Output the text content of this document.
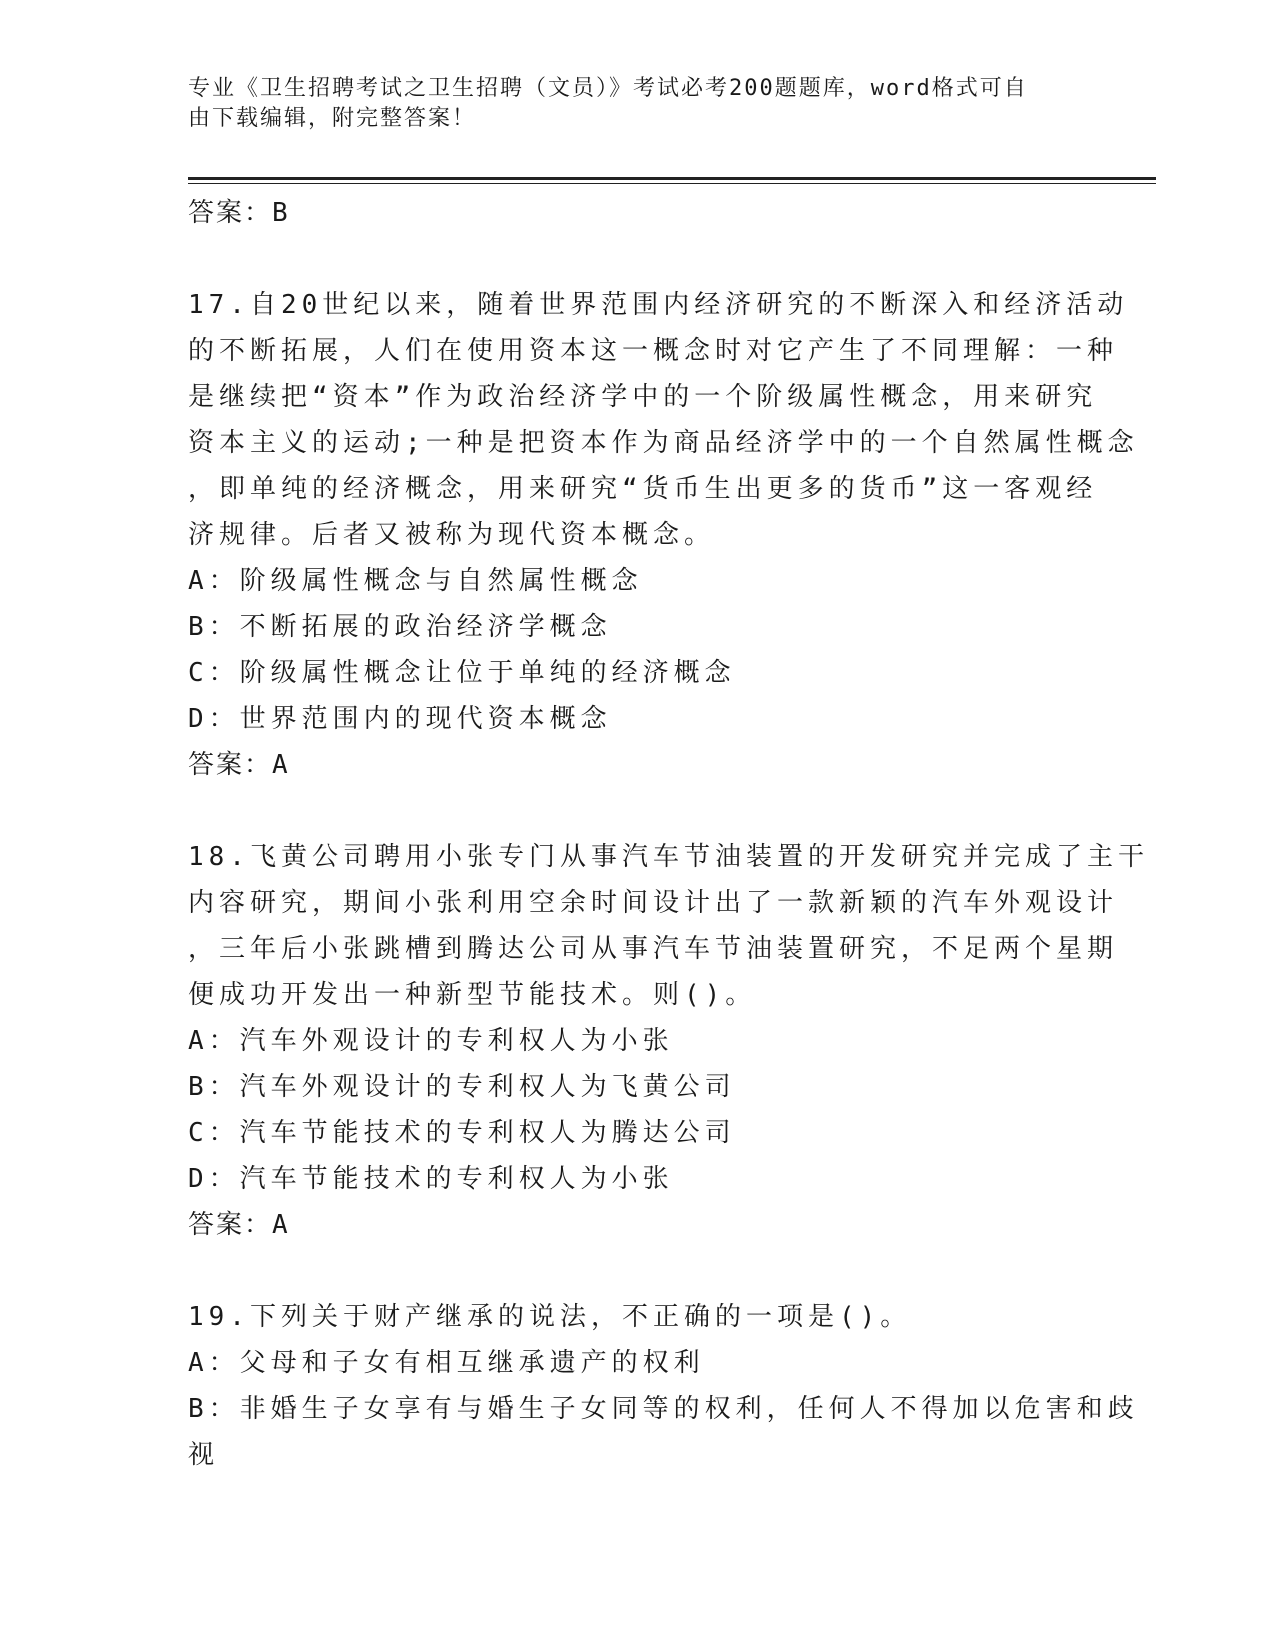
专业《卫生招聘考试之卫生招聘（文员）》考试必考200题题库，word格式可自
由下载编辑，附完整答案！
答案：B
17.自20世纪以来，随着世界范围内经济研究的不断深入和经济活动
的不断拓展，人们在使用资本这一概念时对它产生了不同理解：一种
是继续把“资本”作为政治经济学中的一个阶级属性概念，用来研究
资本主义的运动;一种是把资本作为商品经济学中的一个自然属性概念
，即单纯的经济概念，用来研究“货币生出更多的货币”这一客观经
济规律。后者又被称为现代资本概念。
A：阶级属性概念与自然属性概念
B：不断拓展的政治经济学概念
C：阶级属性概念让位于单纯的经济概念
D：世界范围内的现代资本概念
答案：A
18.飞黄公司聘用小张专门从事汽车节油装置的开发研究并完成了主干
内容研究，期间小张利用空余时间设计出了一款新颖的汽车外观设计
，三年后小张跳槽到腾达公司从事汽车节油装置研究，不足两个星期
便成功开发出一种新型节能技术。则()。
A：汽车外观设计的专利权人为小张
B：汽车外观设计的专利权人为飞黄公司
C：汽车节能技术的专利权人为腾达公司
D：汽车节能技术的专利权人为小张
答案：A
19.下列关于财产继承的说法，不正确的一项是()。
A：父母和子女有相互继承遗产的权利
B：非婚生子女享有与婚生子女同等的权利，任何人不得加以危害和歧
视
